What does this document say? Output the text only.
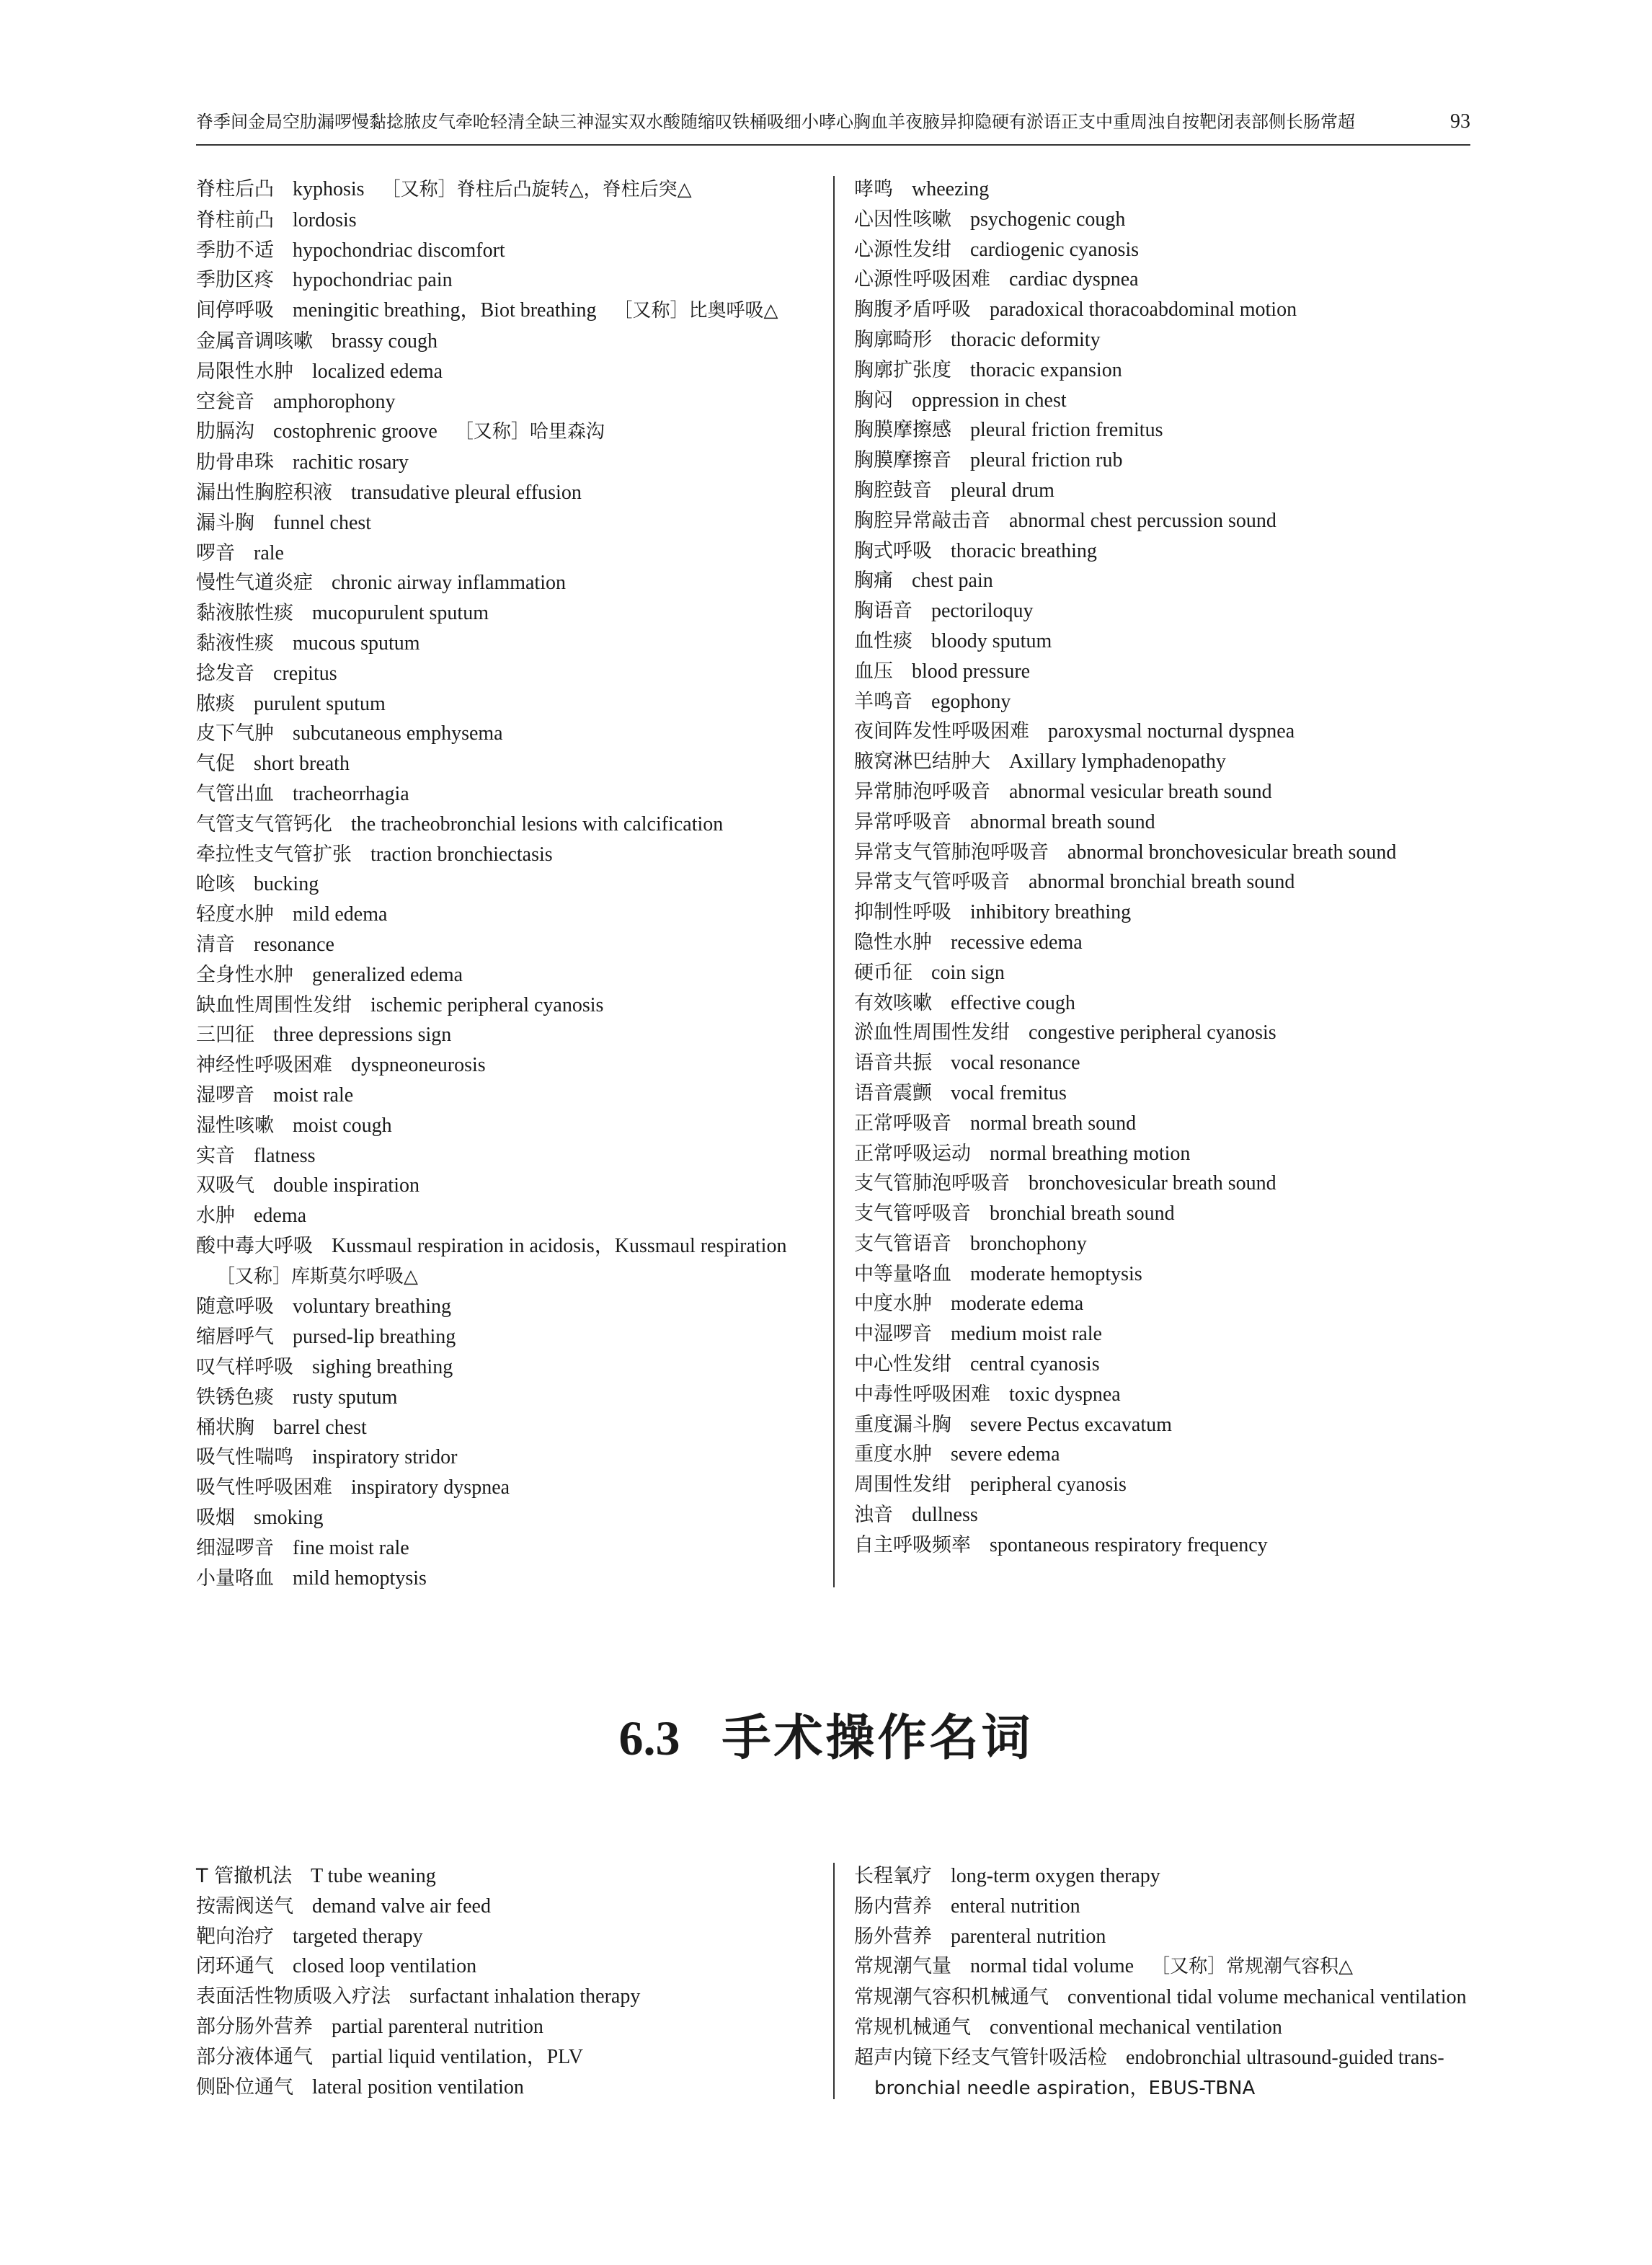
脊季间金局空肋漏啰慢黏捻脓皮气牵呛轻清全缺三神湿实双水酸随缩叹铁桶吸细小哮心胸血羊夜腋异抑隐硬有淤语正支中重周浊自按靶闭表部侧长肠常超	93
脊柱后凸 kyphosis ［又称］脊柱后凸旋转△，脊柱后突△
脊柱前凸 lordosis
季肋不适 hypochondriac discomfort
季肋区疼 hypochondriac pain
间停呼吸 meningitic breathing，Biot breathing ［又称］比奥呼吸△
金属音调咳嗽 brassy cough
局限性水肿 localized edema
空瓮音 amphorophony
肋膈沟 costophrenic groove ［又称］哈里森沟
肋骨串珠 rachitic rosary
漏出性胸腔积液 transudative pleural effusion
漏斗胸 funnel chest
啰音 rale
慢性气道炎症 chronic airway inflammation
黏液脓性痰 mucopurulent sputum
黏液性痰 mucous sputum
捻发音 crepitus
脓痰 purulent sputum
皮下气肿 subcutaneous emphysema
气促 short breath
气管出血 tracheorrhagia
气管支气管钙化 the tracheobronchial lesions with calcification
牵拉性支气管扩张 traction bronchiectasis
呛咳 bucking
轻度水肿 mild edema
清音 resonance
全身性水肿 generalized edema
缺血性周围性发绀 ischemic peripheral cyanosis
三凹征 three depressions sign
神经性呼吸困难 dyspneoneurosis
湿啰音 moist rale
湿性咳嗽 moist cough
实音 flatness
双吸气 double inspiration
水肿 edema
酸中毒大呼吸 Kussmaul respiration in acidosis，Kussmaul respiration
［又称］库斯莫尔呼吸△
随意呼吸 voluntary breathing
缩唇呼气 pursed-lip breathing
叹气样呼吸 sighing breathing
铁锈色痰 rusty sputum
桶状胸 barrel chest
吸气性喘鸣 inspiratory stridor
吸气性呼吸困难 inspiratory dyspnea
吸烟 smoking
细湿啰音 fine moist rale
小量咯血 mild hemoptysis
哮鸣 wheezing
心因性咳嗽 psychogenic cough
心源性发绀 cardiogenic cyanosis
心源性呼吸困难 cardiac dyspnea
胸腹矛盾呼吸 paradoxical thoracoabdominal motion
胸廓畸形 thoracic deformity
胸廓扩张度 thoracic expansion
胸闷 oppression in chest
胸膜摩擦感 pleural friction fremitus
胸膜摩擦音 pleural friction rub
胸腔鼓音 pleural drum
胸腔异常敲击音 abnormal chest percussion sound
胸式呼吸 thoracic breathing
胸痛 chest pain
胸语音 pectoriloquy
血性痰 bloody sputum
血压 blood pressure
羊鸣音 egophony
夜间阵发性呼吸困难 paroxysmal nocturnal dyspnea
腋窝淋巴结肿大 Axillary lymphadenopathy
异常肺泡呼吸音 abnormal vesicular breath sound
异常呼吸音 abnormal breath sound
异常支气管肺泡呼吸音 abnormal bronchovesicular breath sound
异常支气管呼吸音 abnormal bronchial breath sound
抑制性呼吸 inhibitory breathing
隐性水肿 recessive edema
硬币征 coin sign
有效咳嗽 effective cough
淤血性周围性发绀 congestive peripheral cyanosis
语音共振 vocal resonance
语音震颤 vocal fremitus
正常呼吸音 normal breath sound
正常呼吸运动 normal breathing motion
支气管肺泡呼吸音 bronchovesicular breath sound
支气管呼吸音 bronchial breath sound
支气管语音 bronchophony
中等量咯血 moderate hemoptysis
中度水肿 moderate edema
中湿啰音 medium moist rale
中心性发绀 central cyanosis
中毒性呼吸困难 toxic dyspnea
重度漏斗胸 severe Pectus excavatum
重度水肿 severe edema
周围性发绀 peripheral cyanosis
浊音 dullness
自主呼吸频率 spontaneous respiratory frequency
6.3 手术操作名词
T 管撤机法 T tube weaning
按需阀送气 demand valve air feed
靶向治疗 targeted therapy
闭环通气 closed loop ventilation
表面活性物质吸入疗法 surfactant inhalation therapy
部分肠外营养 partial parenteral nutrition
部分液体通气 partial liquid ventilation，PLV
侧卧位通气 lateral position ventilation
长程氧疗 long-term oxygen therapy
肠内营养 enteral nutrition
肠外营养 parenteral nutrition
常规潮气量 normal tidal volume ［又称］常规潮气容积△
常规潮气容积机械通气 conventional tidal volume mechanical ventilation
常规机械通气 conventional mechanical ventilation
超声内镜下经支气管针吸活检 endobronchial ultrasound-guided trans-
bronchial needle aspiration，EBUS-TBNA
